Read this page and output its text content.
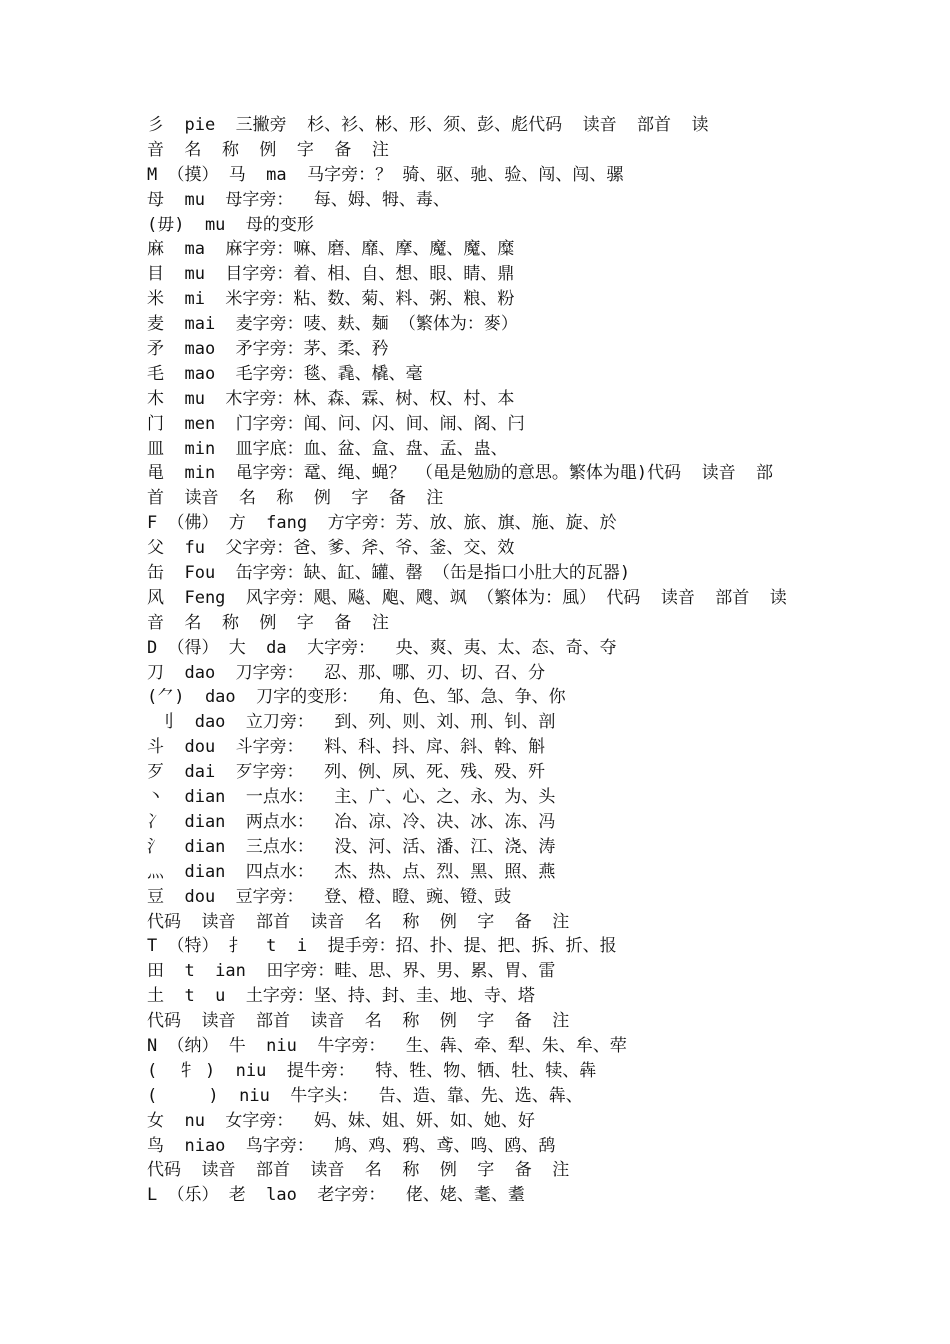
彡  pie  三撇旁  杉、衫、彬、形、须、彭、彪代码  读音  部首  读
音  名  称  例  字  备  注
M （摸） 马  ma  马字旁：？ 骑、驱、驰、验、闯、闯、骡
母  mu  母字旁：  每、姆、牳、毒、
(毋)  mu  母的变形
麻  ma  麻字旁：嘛、磨、靡、摩、魔、魔、糜
目  mu  目字旁：着、相、自、想、眼、睛、鼎
米  mi  米字旁：粘、数、菊、料、粥、粮、粉
麦  mai  麦字旁：唛、麸、麺 （繁体为：麥）
矛  mao  矛字旁：茅、柔、矜
毛  mao  毛字旁：毯、毳、橇、毫
木  mu  木字旁：林、森、霖、树、权、村、本
门  men  门字旁：闻、问、闪、间、闹、阁、闩
皿  min  皿字底：血、盆、盒、盘、孟、蛊、
黾  min  黾字旁：鼋、绳、蝇？ （黾是勉励的意思。繁体为黽)代码  读音  部
首  读音  名  称  例  字  备  注
F （佛） 方  fang  方字旁：芳、放、旅、旗、施、旋、於
父  fu  父字旁：爸、爹、斧、爷、釜、交、效
缶  Fou  缶字旁：缺、缸、罐、罄 （缶是指口小肚大的瓦器)
风  Feng  风字旁：飓、飚、飑、飕、飒 （繁体为：風） 代码  读音  部首  读
音  名  称  例  字  备  注
D （得） 大  da  大字旁：  央、爽、夷、太、态、奇、夺
刀  dao  刀字旁：  忍、那、哪、刃、切、召、分
(⺈)  dao  刀字的变形：  角、色、邹、急、争、你
刂  dao  立刀旁：  到、列、则、刘、刑、钊、剖
斗  dou  斗字旁：  料、科、抖、戽、斜、斡、斛
歹  dai  歹字旁：  列、例、夙、死、残、殁、歼
丶  dian  一点水：  主、广、心、之、永、为、头
冫  dian  两点水：  冶、凉、冷、决、冰、冻、冯
氵  dian  三点水：  没、河、活、潘、江、浇、涛
灬  dian  四点水：  杰、热、点、烈、黑、照、燕
豆  dou  豆字旁：  登、橙、瞪、豌、镫、豉
代码  读音  部首  读音  名  称  例  字  备  注
T （特） 扌  t  i  提手旁：招、扑、提、把、拆、折、报
田  t  ian  田字旁：畦、思、界、男、累、胃、雷
土  t  u  土字旁：坚、持、封、圭、地、寺、塔
代码  读音  部首  读音  名  称  例  字  备  注
N （纳） 牛  niu  牛字旁：  生、犇、牵、犁、朱、牟、荦
(  牜 )  niu  提牛旁：  特、牲、物、牺、牡、犊、犇
(     )  niu  牛字头：  告、造、靠、先、选、犇、
女  nu  女字旁：  妈、妹、姐、妍、如、她、好
鸟  niao  鸟字旁：  鸠、鸡、鸦、鸢、鸣、鸥、鸹
代码  读音  部首  读音  名  称  例  字  备  注
L （乐） 老  lao  老字旁：  佬、姥、耄、耋
